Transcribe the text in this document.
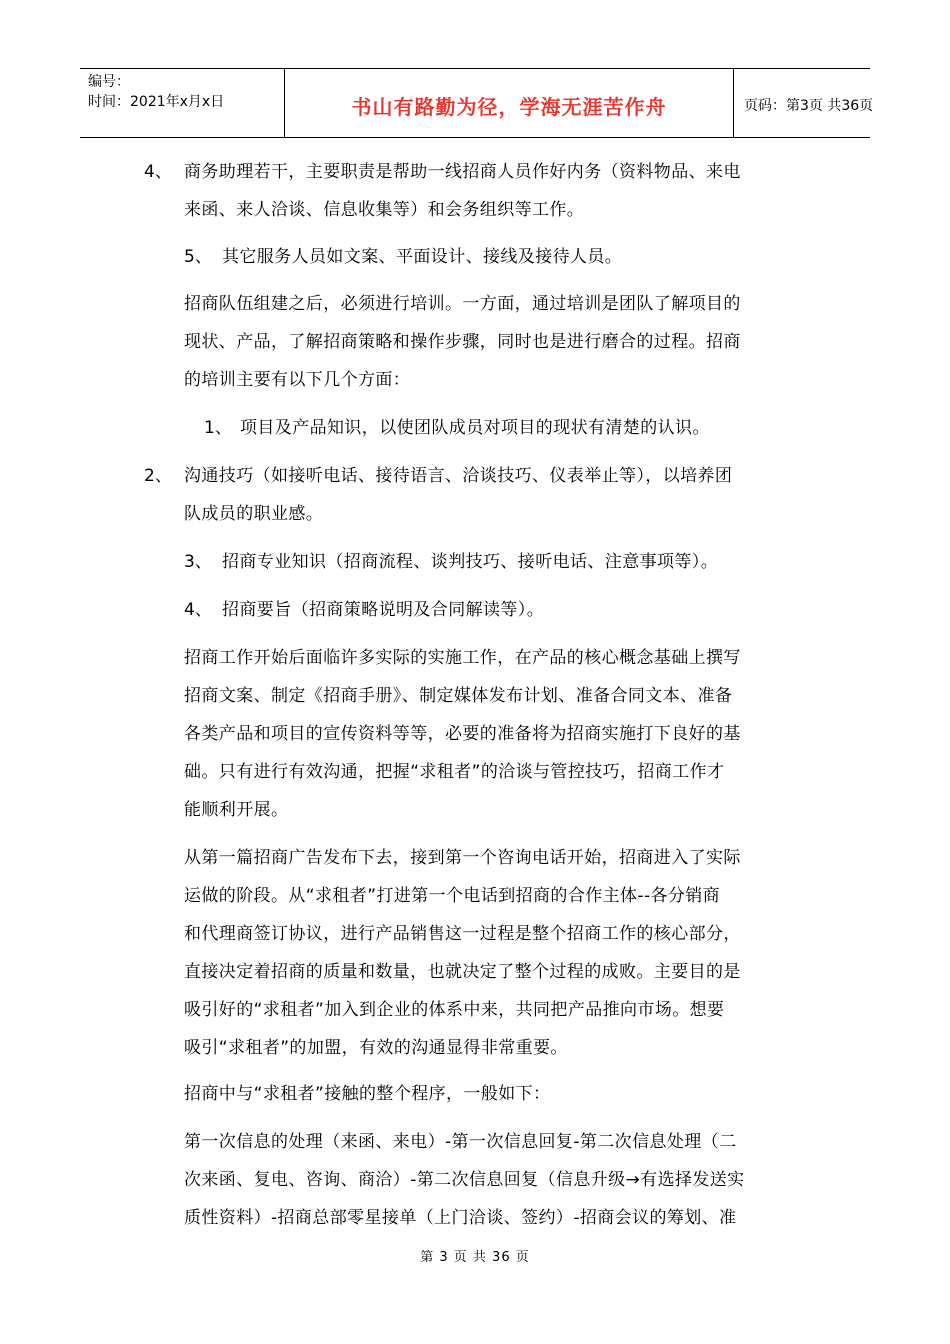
编号：
时间：2021年x月x日	书山有路勤为径，学海无涯苦作舟	页码：第3页 共36页
4、 商务助理若干，主要职责是帮助一线招商人员作好内务（资料物品、来电
来函、来人洽谈、信息收集等）和会务组织等工作。
5、 其它服务人员如文案、平面设计、接线及接待人员。
招商队伍组建之后，必须进行培训。一方面，通过培训是团队了解项目的
现状、产品，了解招商策略和操作步骤，同时也是进行磨合的过程。招商
的培训主要有以下几个方面：
1、 项目及产品知识，以使团队成员对项目的现状有清楚的认识。
2、 沟通技巧（如接听电话、接待语言、洽谈技巧、仪表举止等），以培养团
队成员的职业感。
3、 招商专业知识（招商流程、谈判技巧、接听电话、注意事项等）。
4、 招商要旨（招商策略说明及合同解读等）。
招商工作开始后面临许多实际的实施工作，在产品的核心概念基础上撰写
招商文案、制定《招商手册》、制定媒体发布计划、准备合同文本、准备
各类产品和项目的宣传资料等等，必要的准备将为招商实施打下良好的基
础。只有进行有效沟通，把握“求租者”的洽谈与管控技巧，招商工作才
能顺利开展。
从第一篇招商广告发布下去，接到第一个咨询电话开始，招商进入了实际
运做的阶段。从“求租者”打进第一个电话到招商的合作主体--各分销商
和代理商签订协议，进行产品销售这一过程是整个招商工作的核心部分，
直接决定着招商的质量和数量，也就决定了整个过程的成败。主要目的是
吸引好的“求租者”加入到企业的体系中来，共同把产品推向市场。想要
吸引“求租者”的加盟，有效的沟通显得非常重要。
招商中与“求租者”接触的整个程序，一般如下：
第一次信息的处理（来函、来电）-第一次信息回复-第二次信息处理（二
次来函、复电、咨询、商洽）-第二次信息回复（信息升级→有选择发送实
质性资料）-招商总部零星接单（上门洽谈、签约）-招商会议的筹划、准
第 3 页 共 36 页
